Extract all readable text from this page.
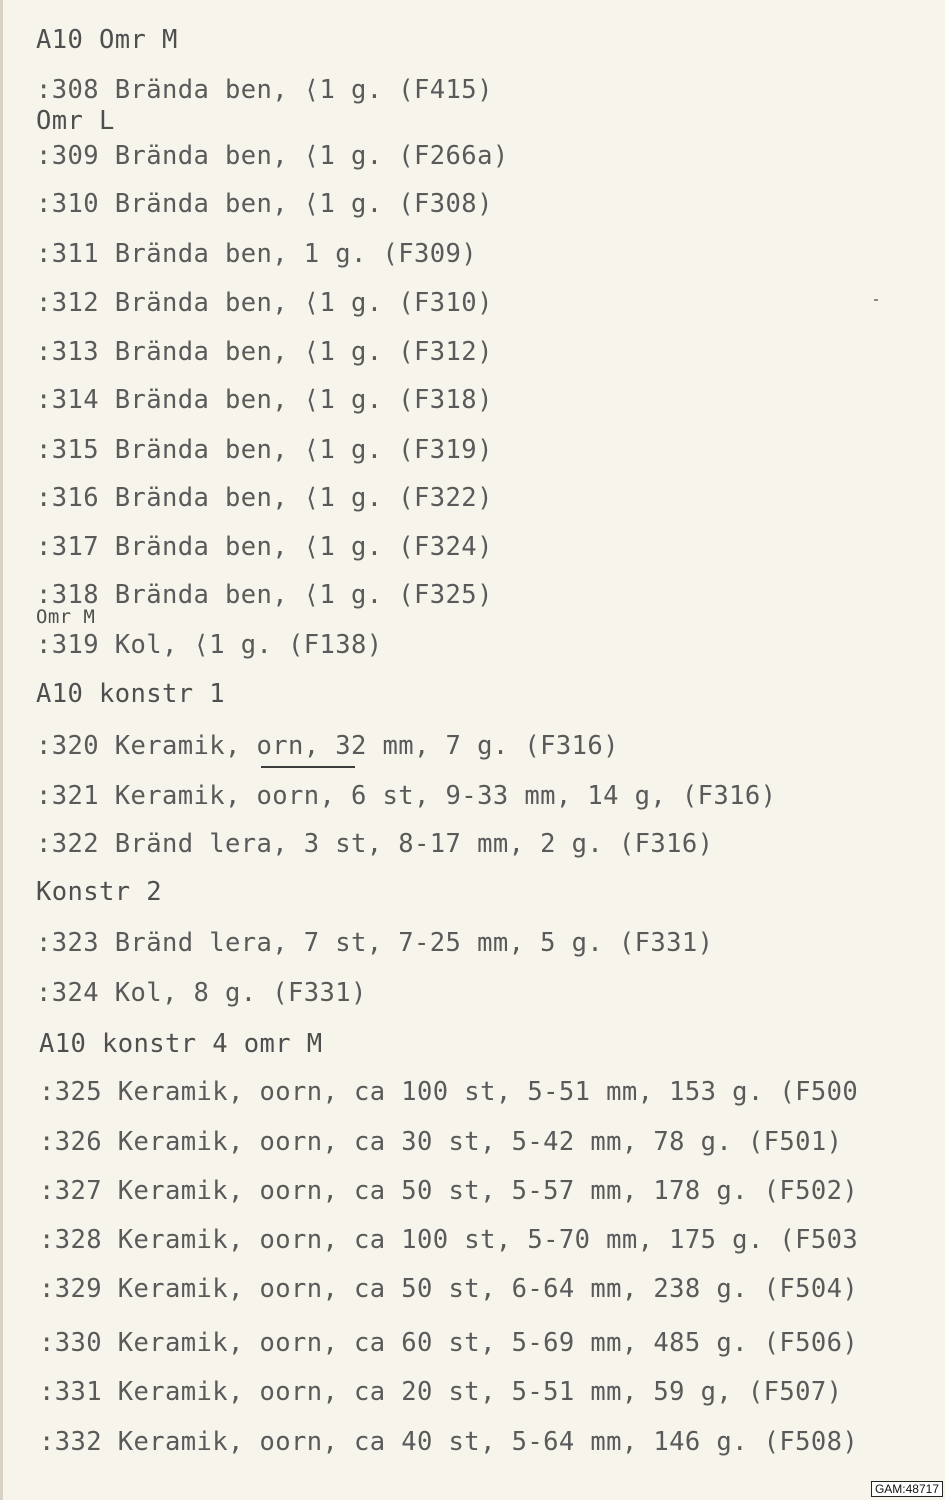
A10 Omr M
:308 Brända ben, ⟨1 g. (F415)
Omr L
:309 Brända ben, ⟨1 g. (F266a)
:310 Brända ben, ⟨1 g. (F308)
:311 Brända ben, 1 g. (F309)
:312 Brända ben, ⟨1 g. (F310)
:313 Brända ben, ⟨1 g. (F312)
:314 Brända ben, ⟨1 g. (F318)
:315 Brända ben, ⟨1 g. (F319)
:316 Brända ben, ⟨1 g. (F322)
:317 Brända ben, ⟨1 g. (F324)
:318 Brända ben, ⟨1 g. (F325)
Omr M
:319 Kol, ⟨1 g. (F138)
A10 konstr 1
:320 Keramik, orn, 32 mm, 7 g. (F316)
:321 Keramik, oorn, 6 st, 9-33 mm, 14 g, (F316)
:322 Bränd lera, 3 st, 8-17 mm, 2 g. (F316)
Konstr 2
:323 Bränd lera, 7 st, 7-25 mm, 5 g. (F331)
:324 Kol, 8 g. (F331)
A10 konstr 4 omr M
:325 Keramik, oorn, ca 100 st, 5-51 mm, 153 g. (F500
:326 Keramik, oorn, ca 30 st, 5-42 mm, 78 g. (F501)
:327 Keramik, oorn, ca 50 st, 5-57 mm, 178 g. (F502)
:328 Keramik, oorn, ca 100 st, 5-70 mm, 175 g. (F503
:329 Keramik, oorn, ca 50 st, 6-64 mm, 238 g. (F504)
:330 Keramik, oorn, ca 60 st, 5-69 mm, 485 g. (F506)
:331 Keramik, oorn, ca 20 st, 5-51 mm, 59 g, (F507)
:332 Keramik, oorn, ca 40 st, 5-64 mm, 146 g. (F508)
GAM:48717
